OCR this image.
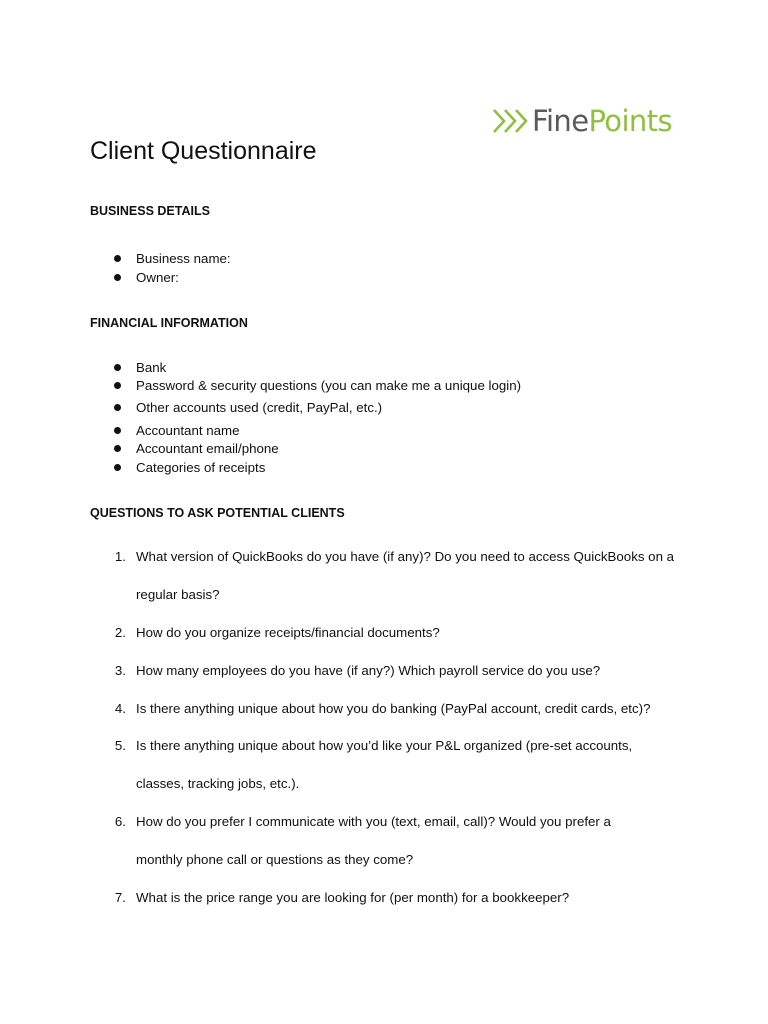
FinePoints
Client Questionnaire
BUSINESS DETAILS
Business name:
Owner:
FINANCIAL INFORMATION
Bank
Password & security questions (you can make me a unique login)
Other accounts used (credit, PayPal, etc.)
Accountant name
Accountant email/phone
Categories of receipts
QUESTIONS TO ASK POTENTIAL CLIENTS
1. What version of QuickBooks do you have (if any)? Do you need to access QuickBooks on a
regular basis?
2. How do you organize receipts/financial documents?
3. How many employees do you have (if any?) Which payroll service do you use?
4. Is there anything unique about how you do banking (PayPal account, credit cards, etc)?
5. Is there anything unique about how you’d like your P&L organized (pre-set accounts,
classes, tracking jobs, etc.).
6. How do you prefer I communicate with you (text, email, call)? Would you prefer a
monthly phone call or questions as they come?
7. What is the price range you are looking for (per month) for a bookkeeper?
